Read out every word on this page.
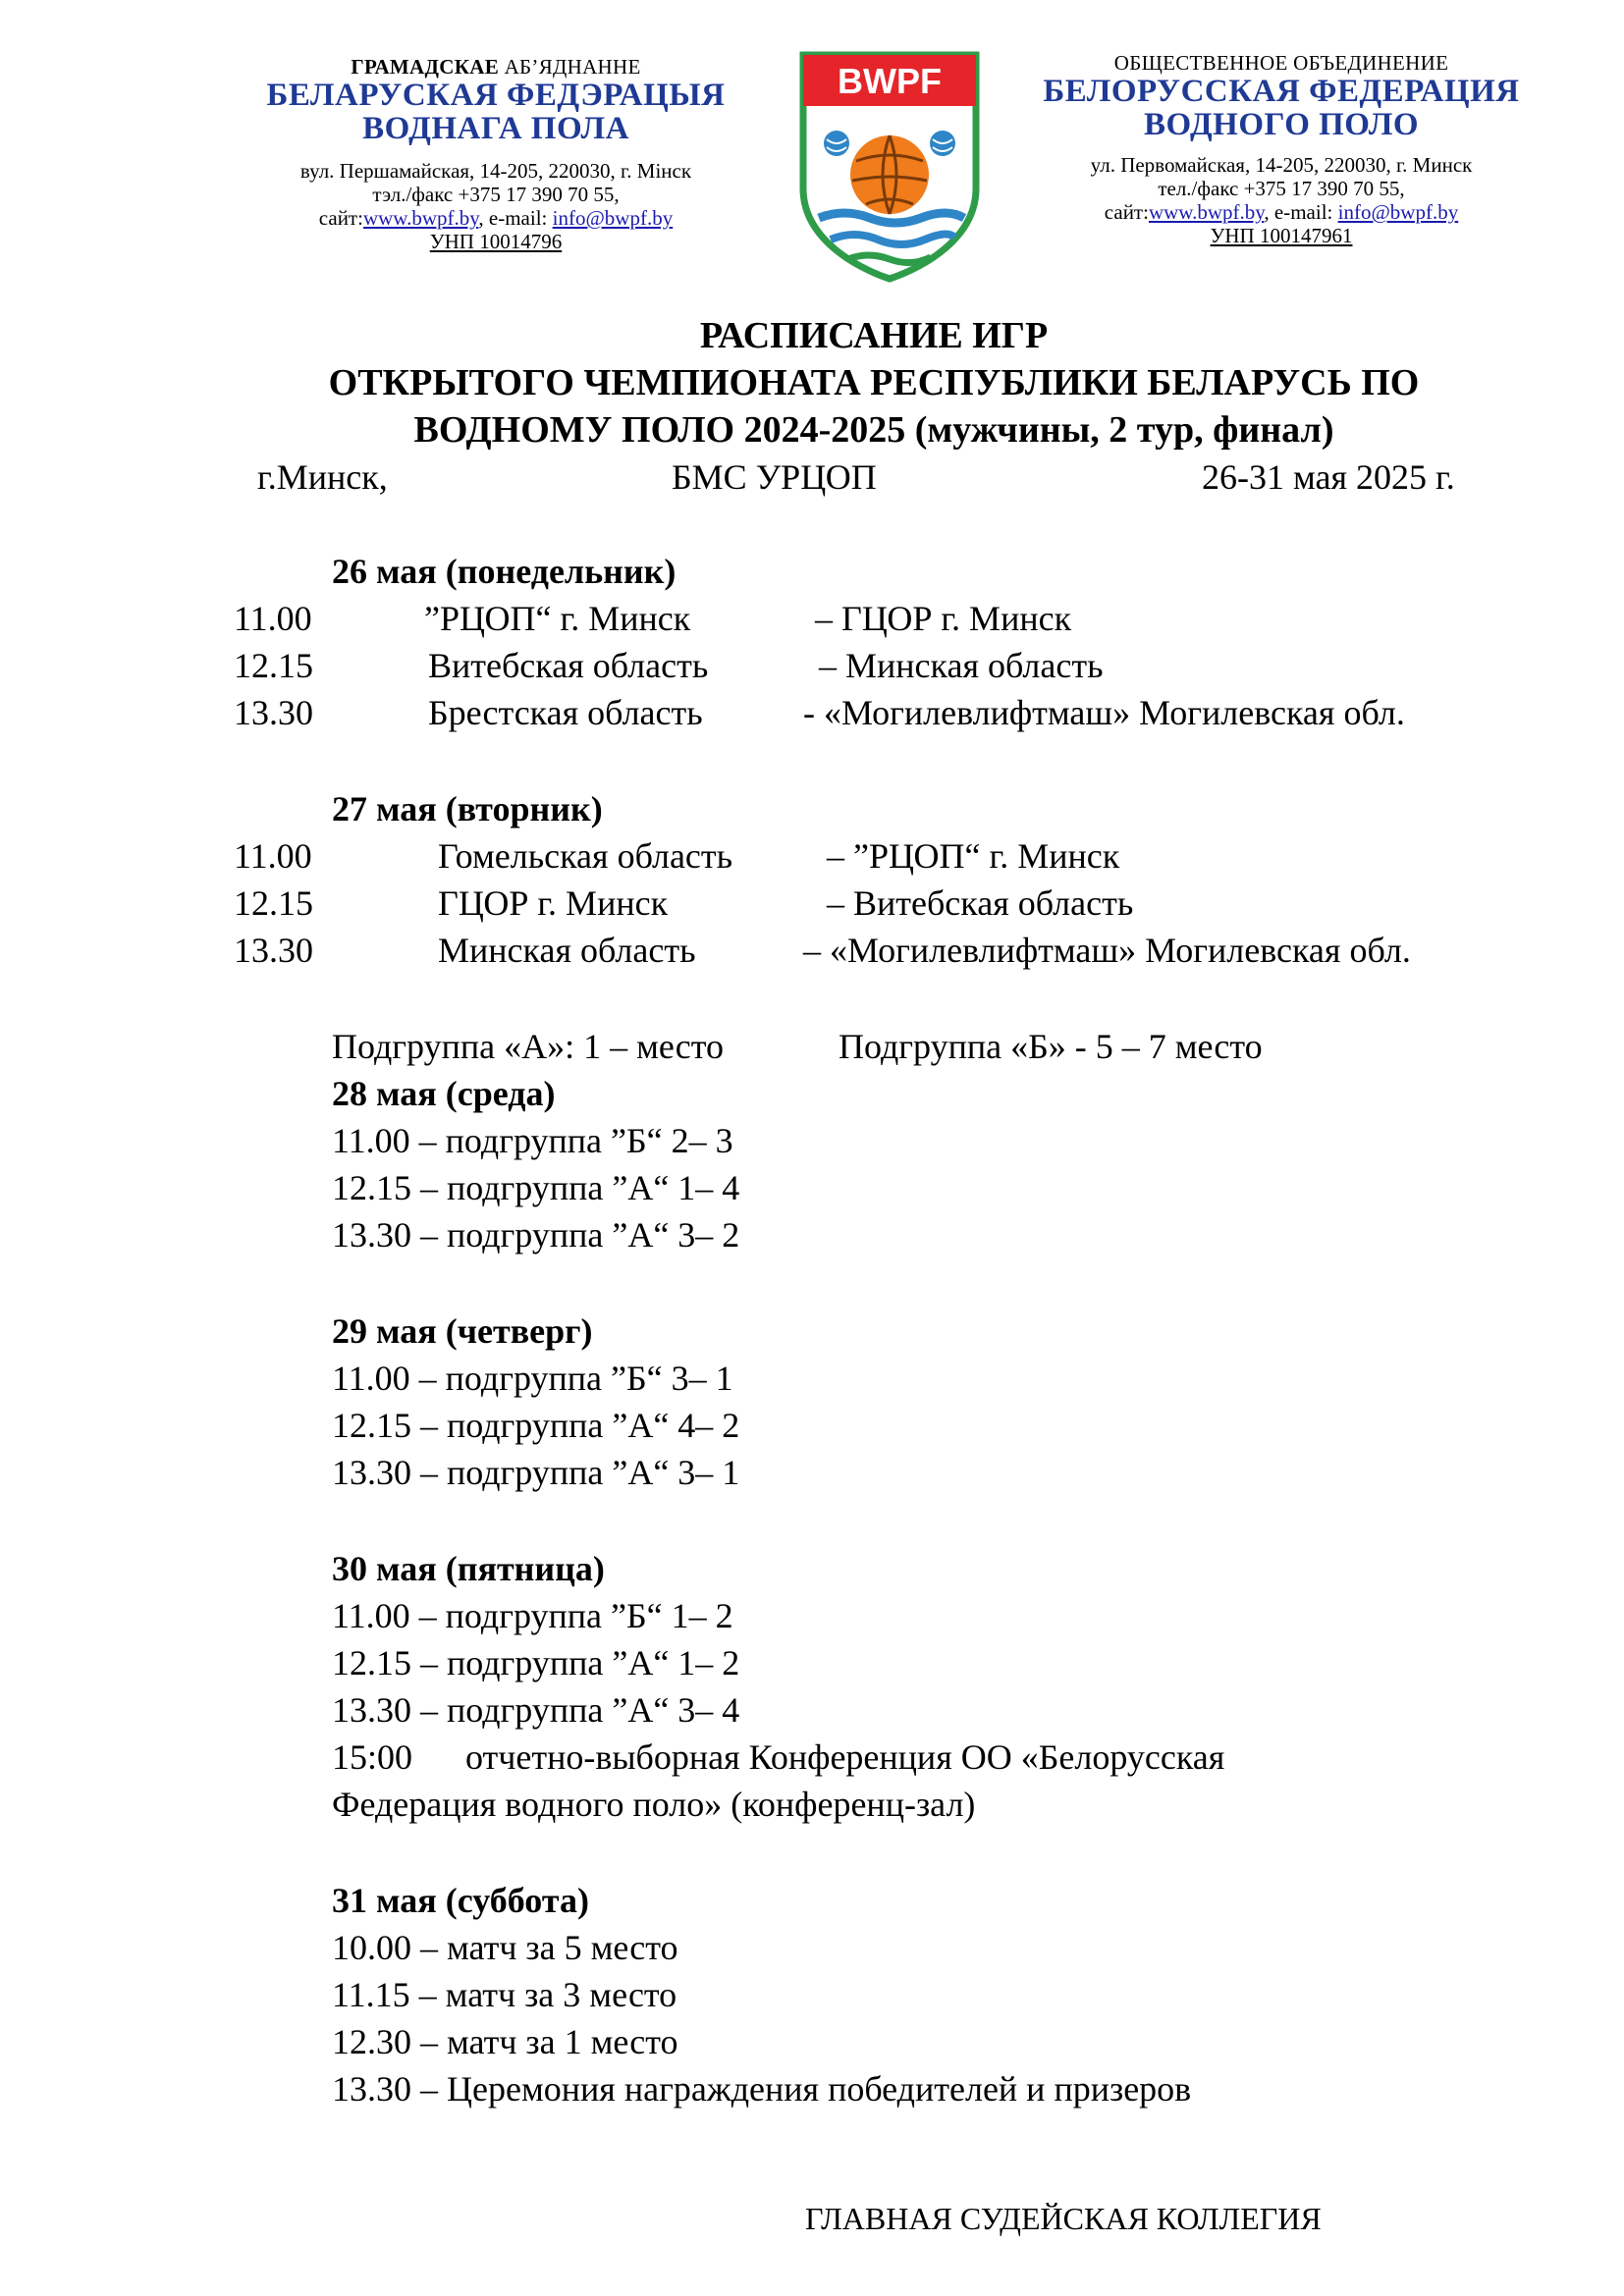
ГРАМАДСКАЕ АБ’ЯДНАННЕ
БЕЛАРУСКАЯ ФЕДЭРАЦЫЯ
ВОДНАГА ПОЛА
вул. Першамайская, 14-205, 220030, г. Мінск
тэл./факс +375 17 390 70 55,
сайт:www.bwpf.by, e-mail: info@bwpf.by
УНП 10014796
BWPF	ОБЩЕСТВЕННОЕ ОБЪЕДИНЕНИЕ
БЕЛОРУССКАЯ ФЕДЕРАЦИЯ
ВОДНОГО ПОЛО
ул. Первомайская, 14-205, 220030, г. Минск
тел./факс +375 17 390 70 55,
сайт:www.bwpf.by, e-mail: info@bwpf.by
УНП 100147961
РАСПИСАНИЕ ИГР
ОТКРЫТОГО ЧЕМПИОНАТА РЕСПУБЛИКИ БЕЛАРУСЬ ПО
ВОДНОМУ ПОЛО 2024-2025 (мужчины, 2 тур, финал)
г.Минск,	БМС УРЦОП	26-31 мая 2025 г.
26 мая (понедельник)
11.00	”РЦОП“ г. Минск	– ГЦОР г. Минск
12.15	Витебская область	– Минская область
13.30	Брестская область	- «Могилевлифтмаш» Могилевская обл.
27 мая (вторник)
11.00	Гомельская область	– ”РЦОП“ г. Минск
12.15	ГЦОР г. Минск	– Витебская область
13.30	Минская область	– «Могилевлифтмаш» Могилевская обл.
Подгруппа «А»: 1 – место	Подгруппа «Б» - 5 – 7 место
28 мая (среда)
11.00 – подгруппа ”Б“ 2– 3
12.15 – подгруппа ”А“ 1– 4
13.30 – подгруппа ”А“ 3– 2
29 мая (четверг)
11.00 – подгруппа ”Б“ 3– 1
12.15 – подгруппа ”А“ 4– 2
13.30 – подгруппа ”А“ 3– 1
30 мая (пятница)
11.00 – подгруппа ”Б“ 1– 2
12.15 – подгруппа ”А“ 1– 2
13.30 – подгруппа ”А“ 3– 4
15:00 отчетно-выборная Конференция ОО «Белорусская
Федерация водного поло» (конференц-зал)
31 мая (суббота)
10.00 – матч за 5 место
11.15 – матч за 3 место
12.30 – матч за 1 место
13.30 – Церемония награждения победителей и призеров
ГЛАВНАЯ СУДЕЙСКАЯ КОЛЛЕГИЯ
